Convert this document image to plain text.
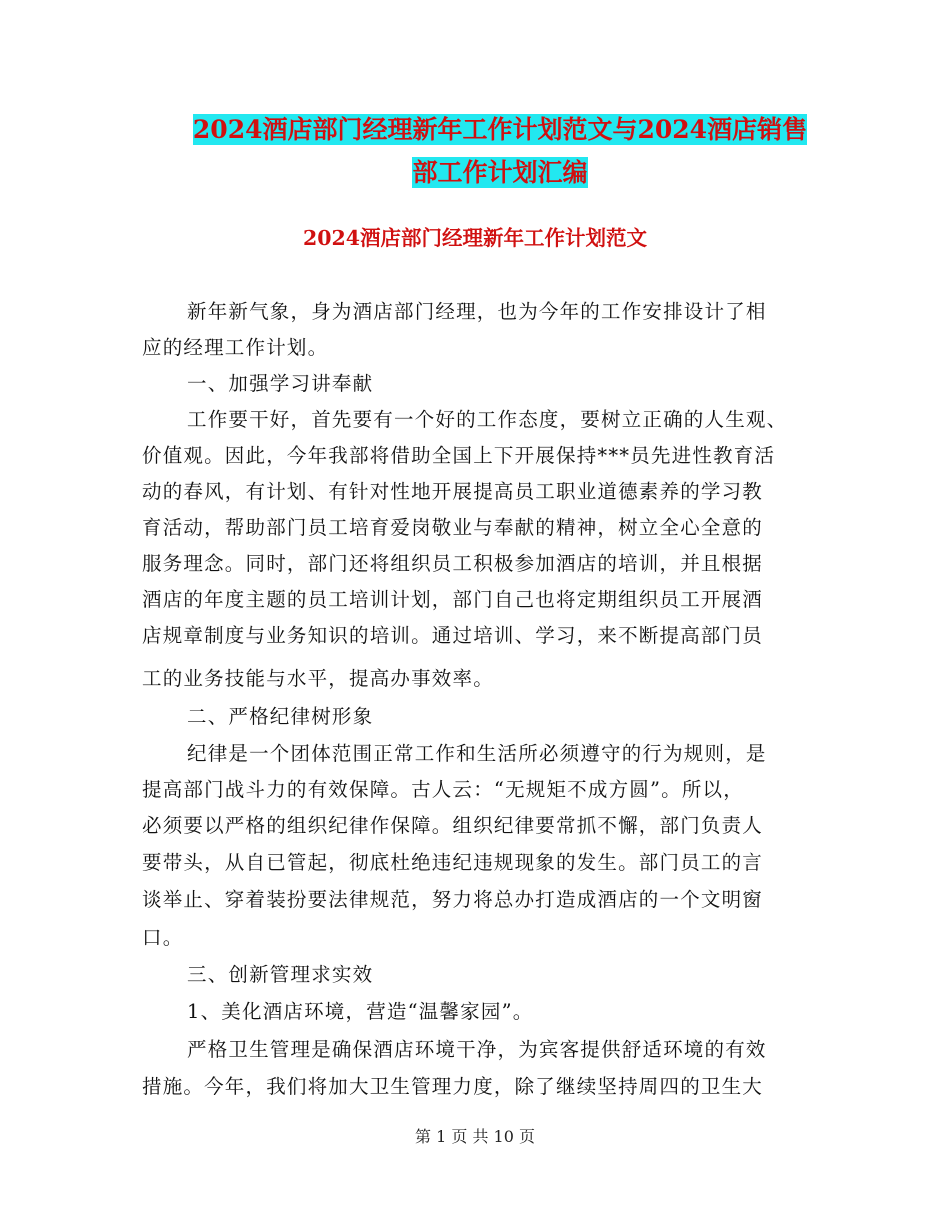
2024酒店部门经理新年工作计划范文与2024酒店销售
部工作计划汇编
2024酒店部门经理新年工作计划范文
新年新气象，身为酒店部门经理，也为今年的工作安排设计了相
应的经理工作计划。
一、加强学习讲奉献
工作要干好，首先要有一个好的工作态度，要树立正确的人生观、
价值观。因此，今年我部将借助全国上下开展保持***员先进性教育活
动的春风，有计划、有针对性地开展提高员工职业道德素养的学习教
育活动，帮助部门员工培育爱岗敬业与奉献的精神，树立全心全意的
服务理念。同时，部门还将组织员工积极参加酒店的培训，并且根据
酒店的年度主题的员工培训计划，部门自己也将定期组织员工开展酒
店规章制度与业务知识的培训。通过培训、学习，来不断提高部门员
工的业务技能与水平，提高办事效率。
二、严格纪律树形象
纪律是一个团体范围正常工作和生活所必须遵守的行为规则，是
提高部门战斗力的有效保障。古人云：“无规矩不成方圆”。所以，
必须要以严格的组织纪律作保障。组织纪律要常抓不懈，部门负责人
要带头，从自已管起，彻底杜绝违纪违规现象的发生。部门员工的言
谈举止、穿着装扮要法律规范，努力将总办打造成酒店的一个文明窗
口。
三、创新管理求实效
1、美化酒店环境，营造“温馨家园”。
严格卫生管理是确保酒店环境干净，为宾客提供舒适环境的有效
措施。今年，我们将加大卫生管理力度，除了继续坚持周四的卫生大
第 1 页 共 10 页
